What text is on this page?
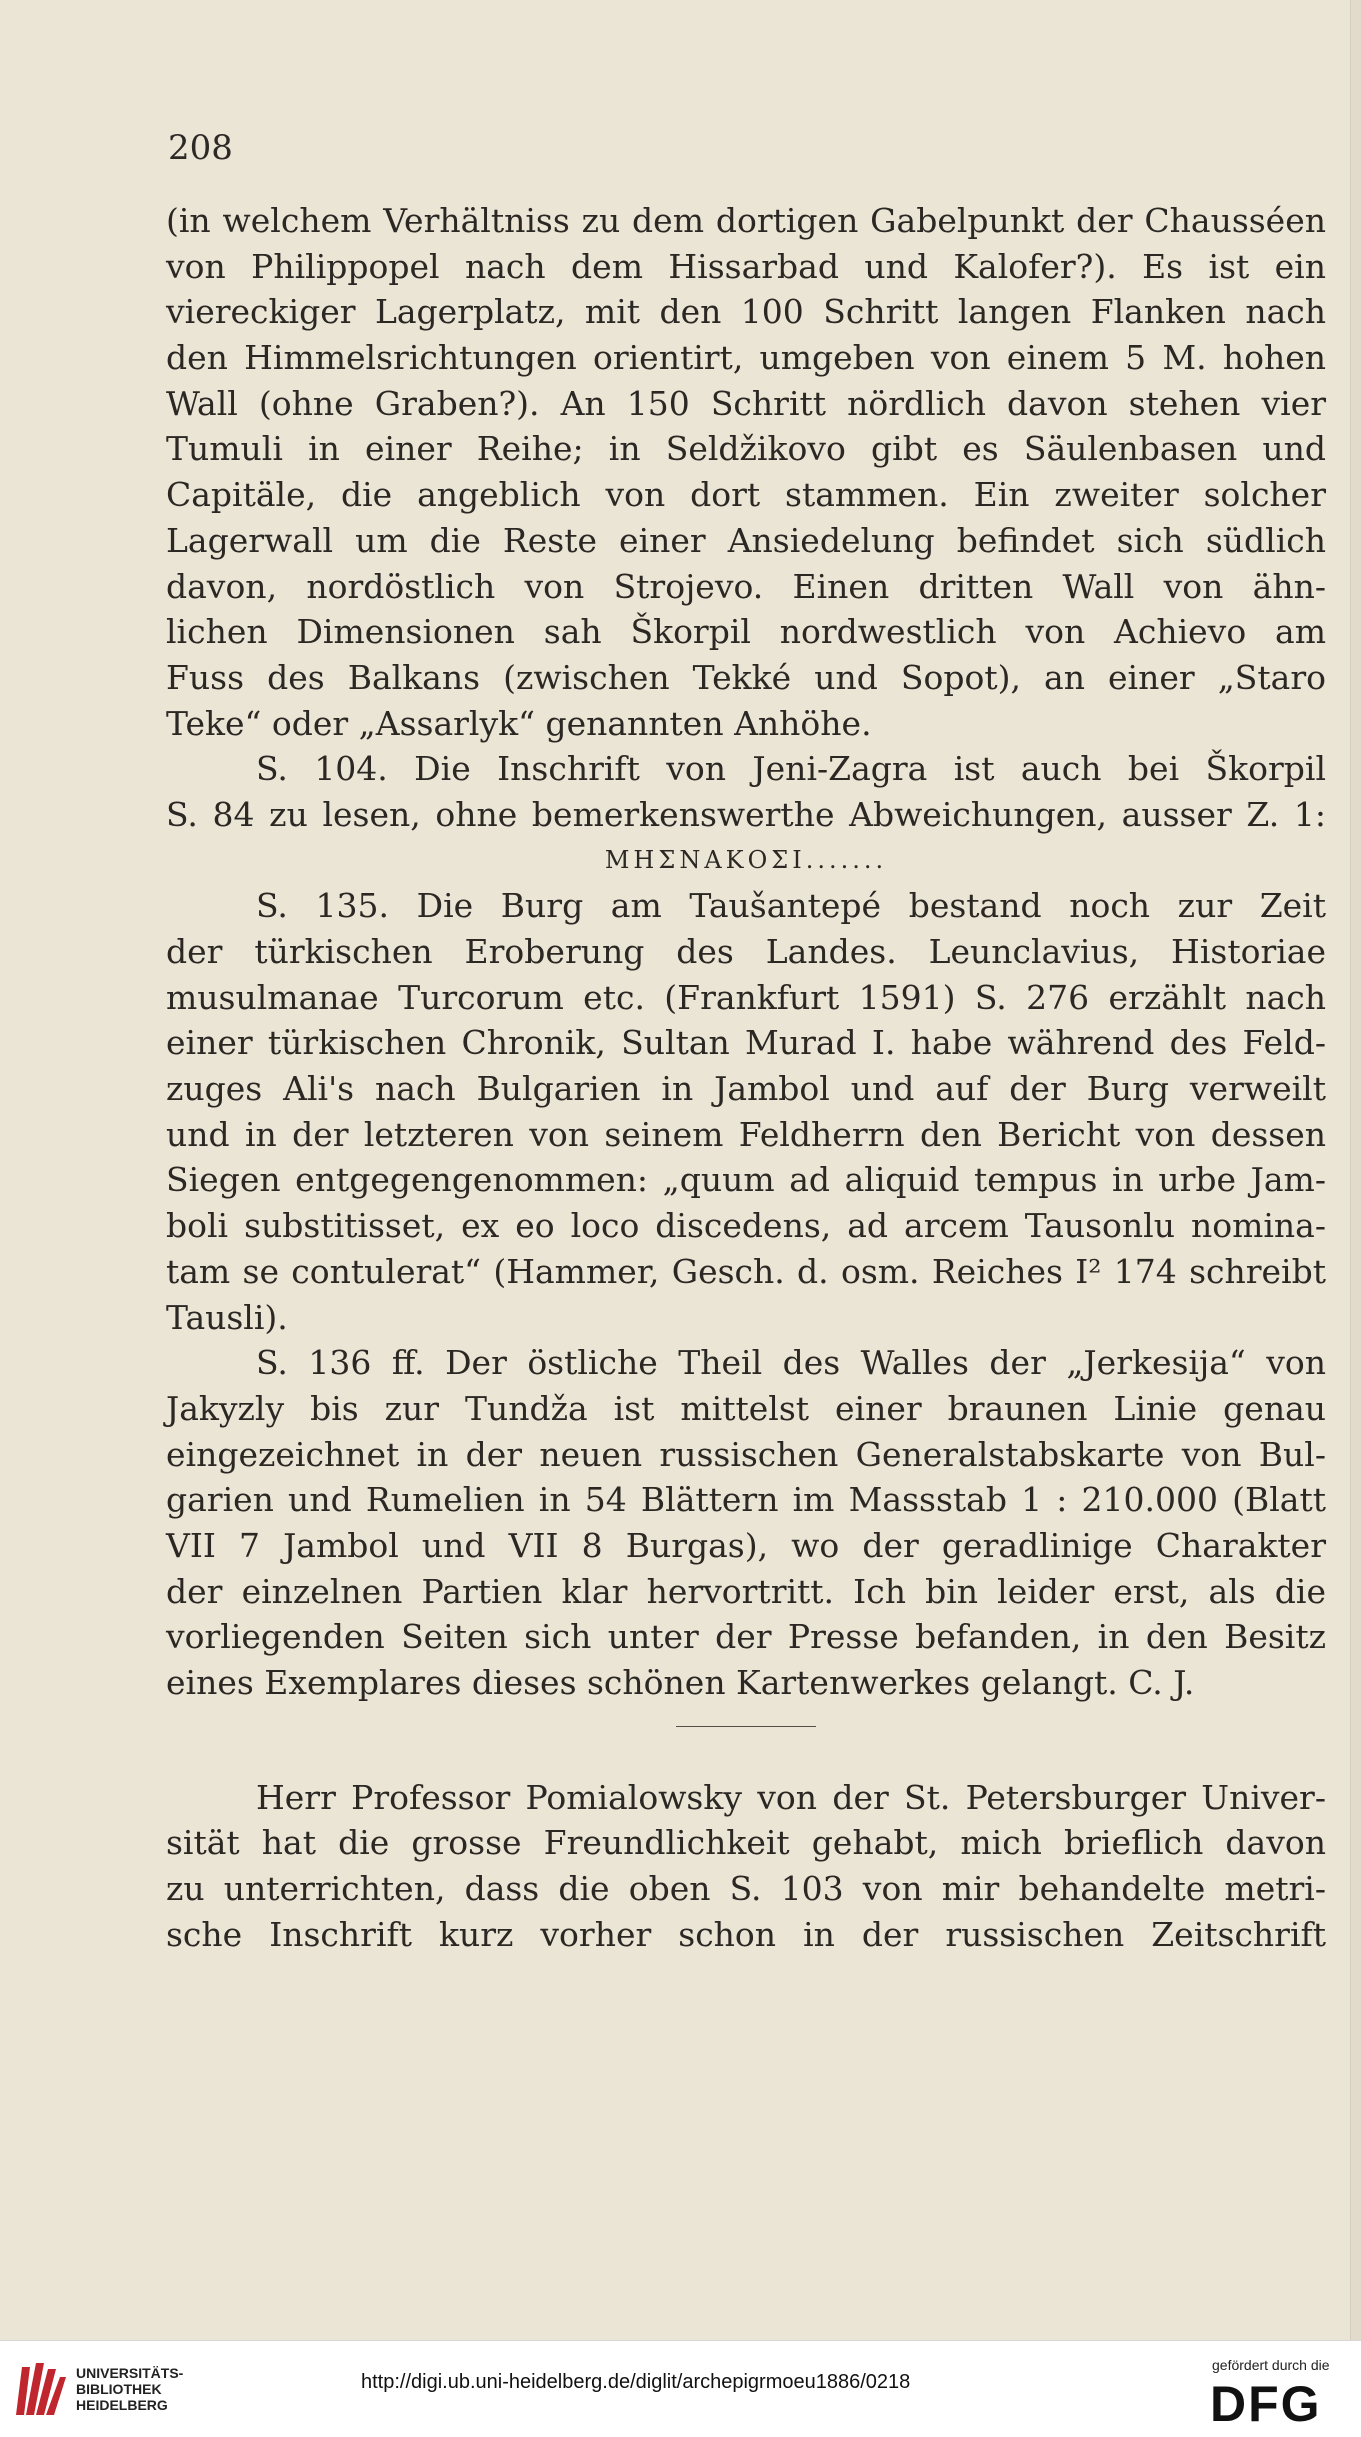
208
(in welchem Verhältniss zu dem dortigen Gabelpunkt der Chausséen
von Philippopel nach dem Hissarbad und Kalofer?). Es ist ein
viereckiger Lagerplatz, mit den 100 Schritt langen Flanken nach
den Himmelsrichtungen orientirt, umgeben von einem 5 M. hohen
Wall (ohne Graben?). An 150 Schritt nördlich davon stehen vier
Tumuli in einer Reihe; in Seldžikovo gibt es Säulenbasen und
Capitäle, die angeblich von dort stammen. Ein zweiter solcher
Lagerwall um die Reste einer Ansiedelung befindet sich südlich
davon, nordöstlich von Strojevo. Einen dritten Wall von ähn-
lichen Dimensionen sah Škorpil nordwestlich von Achievo am
Fuss des Balkans (zwischen Tekké und Sopot), an einer „Staro
Teke“ oder „Assarlyk“ genannten Anhöhe.
S. 104. Die Inschrift von Jeni-Zagra ist auch bei Škorpil
S. 84 zu lesen, ohne bemerkenswerthe Abweichungen, ausser Z. 1:
ΜΗΣΝΑΚΟΣΙ.......
S. 135. Die Burg am Taušantepé bestand noch zur Zeit
der türkischen Eroberung des Landes. Leunclavius, Historiae
musulmanae Turcorum etc. (Frankfurt 1591) S. 276 erzählt nach
einer türkischen Chronik, Sultan Murad I. habe während des Feld-
zuges Ali's nach Bulgarien in Jambol und auf der Burg verweilt
und in der letzteren von seinem Feldherrn den Bericht von dessen
Siegen entgegengenommen: „quum ad aliquid tempus in urbe Jam-
boli substitisset, ex eo loco discedens, ad arcem Tausonlu nomina-
tam se contulerat“ (Hammer, Gesch. d. osm. Reiches I² 174 schreibt
Tausli).
S. 136 ff. Der östliche Theil des Walles der „Jerkesija“ von
Jakyzly bis zur Tundža ist mittelst einer braunen Linie genau
eingezeichnet in der neuen russischen Generalstabskarte von Bul-
garien und Rumelien in 54 Blättern im Massstab 1 : 210.000 (Blatt
VII 7 Jambol und VII 8 Burgas), wo der geradlinige Charakter
der einzelnen Partien klar hervortritt. Ich bin leider erst, als die
vorliegenden Seiten sich unter der Presse befanden, in den Besitz
eines Exemplares dieses schönen Kartenwerkes gelangt. C. J.
Herr Professor Pomialowsky von der St. Petersburger Univer-
sität hat die grosse Freundlichkeit gehabt, mich brieflich davon
zu unterrichten, dass die oben S. 103 von mir behandelte metri-
sche Inschrift kurz vorher schon in der russischen Zeitschrift
UNIVERSITÄTS-
BIBLIOTHEK
HEIDELBERG
http://digi.ub.uni-heidelberg.de/diglit/archepigrmoeu1886/0218
gefördert durch die
DFG
